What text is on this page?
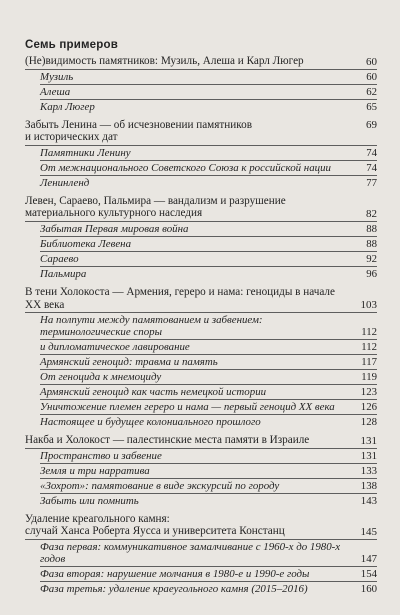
Семь примеров
(Не)видимость памятников: Музиль, Алеша и Карл Люгер	60
Музиль	60
Алеша	62
Карл Люгер	65
Забыть Ленина — об исчезновении памятников	69
и исторических дат
Памятники Ленину	74
От межнационального Советского Союза к российской нации	74
Ленинленд	77
Левен, Сараево, Пальмира — вандализм и разрушение материального культурного наследия	82
Забытая Первая мировая война	88
Библиотека Левена	88
Сараево	92
Пальмира	96
В тени Холокоста — Армения, гереро и нама: геноциды в начале XX века	103
На полпути между памятованием и забвением: терминологические споры	112
и дипломатическое лавирование	112
Армянский геноцид: травма и память	117
От геноцида к мнемоциду	119
Армянский геноцид как часть немецкой истории	123
Уничтожение племен гереро и нама — первый геноцид XX века	126
Настоящее и будущее колониального прошлого	128
Накба и Холокост — палестинские места памяти в Израиле	131
Пространство и забвение	131
Земля и три нарратива	133
«Зохрот»: памятование в виде экскурсий по городу	138
Забыть или помнить	143
Удаление креагольного камня:
случай Ханса Роберта Яусса и университета Констанц	145
Фаза первая: коммуникативное замалчивание с 1960-х до 1980-х годов	147
Фаза вторая: нарушение молчания в 1980-е и 1990-е годы	154
Фаза третья: удаление краеугольного камня (2015–2016)	160
